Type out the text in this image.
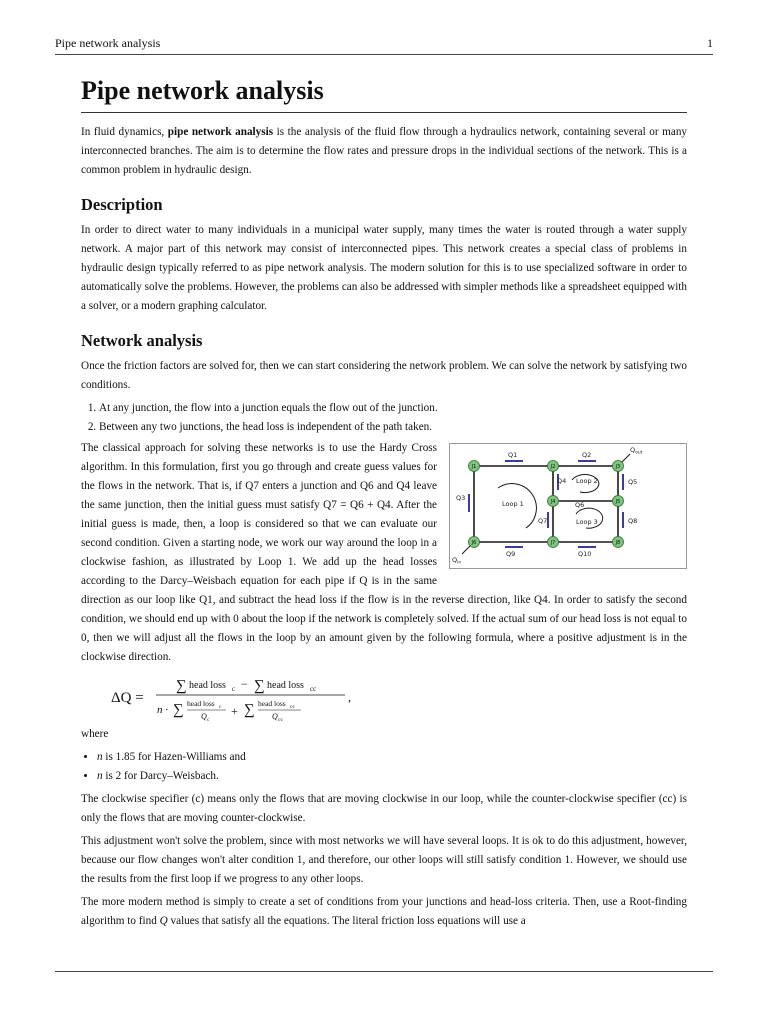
Pipe network analysis	1
Pipe network analysis

In fluid dynamics, pipe network analysis is the analysis of the fluid flow through a hydraulics network, containing several or many interconnected branches. The aim is to determine the flow rates and pressure drops in the individual sections of the network. This is a common problem in hydraulic design.

Description

In order to direct water to many individuals in a municipal water supply, many times the water is routed through a water supply network. A major part of this network may consist of interconnected pipes. This network creates a special class of problems in hydraulic design typically referred to as pipe network analysis. The modern solution for this is to use specialized software in order to automatically solve the problems. However, the problems can also be addressed with simpler methods like a spreadsheet equipped with a solver, or a modern graphing calculator.

Network analysis

Once the friction factors are solved for, then we can start considering the network problem. We can solve the network by satisfying two conditions.

1. At any junction, the flow into a junction equals the flow out of the junction.
2. Between any two junctions, the head loss is independent of the path taken.
J1	J2	J3
J4	J5
J6	J7	J8
Q1	Q2
Q3
Q4	Q5
Q6
Q7	Q8
Q9	Q10
Loop 1
Loop 2
Loop 3
$Q_{out}$
$Q_{in}$

The classical approach for solving these networks is to use the Hardy Cross algorithm. In this formulation, first you go through and create guess values for the flows in the network. That is, if Q7 enters a junction and Q6 and Q4 leave the same junction, then the initial guess must satisfy Q7 = Q6 + Q4. After the initial guess is made, then, a loop is considered so that we can evaluate our second condition. Given a starting node, we work our way around the loop in a clockwise fashion, as illustrated by Loop 1. We add up the head losses according to the Darcy–Weisbach equation for each pipe if Q is in the same direction as our loop like Q1, and subtract the head loss if the flow is in the reverse direction, like Q4. In order to satisfy the second condition, we should end up with 0 about the loop if the network is completely solved. If the actual sum of our head loss is not equal to 0, then we will adjust all the flows in the loop by an amount given by the following formula, where a positive adjustment is in the clockwise direction.

ΔQ =
∑ head loss c − ∑ head loss cc
n · ∑ head loss c
Q c
+ ∑ head loss cc
Q cc
,

where

• n is 1.85 for Hazen-Williams and
• n is 2 for Darcy–Weisbach.

The clockwise specifier (c) means only the flows that are moving clockwise in our loop, while the counter-clockwise specifier (cc) is only the flows that are moving counter-clockwise.

This adjustment won't solve the problem, since with most networks we will have several loops. It is ok to do this adjustment, however, because our flow changes won't alter condition 1, and therefore, our other loops will still satisfy condition 1. However, we should use the results from the first loop if we progress to any other loops.

The more modern method is simply to create a set of conditions from your junctions and head-loss criteria. Then, use a Root-finding algorithm to find Q values that satisfy all the equations. The literal friction loss equations will use a
